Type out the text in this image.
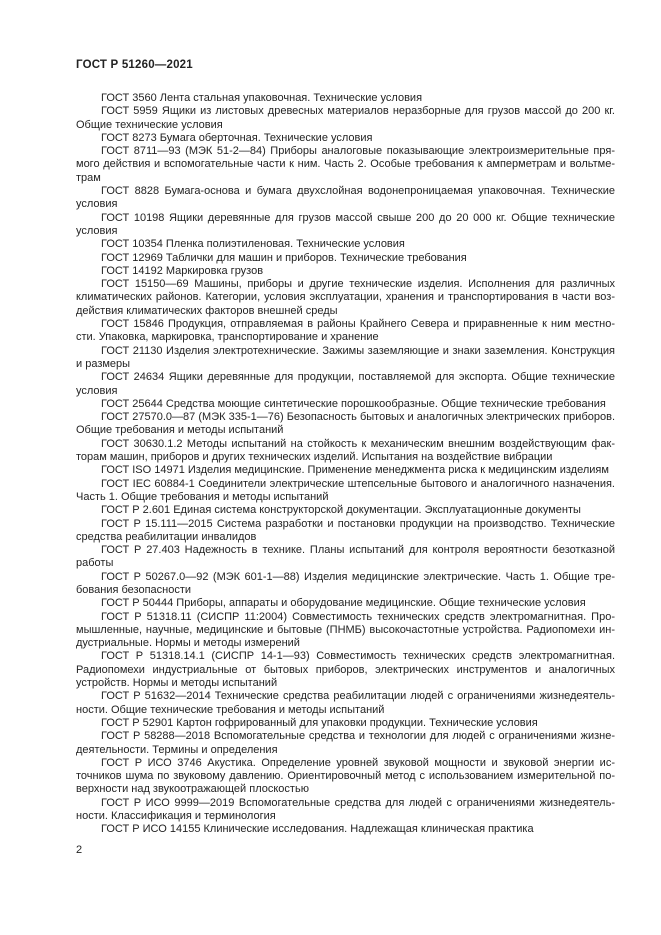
ГОСТ Р 51260—2021

ГОСТ 3560 Лента стальная упаковочная. Технические условия

ГОСТ 5959 Ящики из листовых древесных материалов неразборные для грузов массой до 200 кг. Общие технические условия

ГОСТ 8273 Бумага оберточная. Технические условия

ГОСТ 8711—93 (МЭК 51-2—84) Приборы аналоговые показывающие электроизмерительные прямого действия и вспомогательные части к ним. Часть 2. Особые требования к амперметрам и вольтметрам

ГОСТ 8828 Бумага-основа и бумага двухслойная водонепроницаемая упаковочная. Технические условия

ГОСТ 10198 Ящики деревянные для грузов массой свыше 200 до 20 000 кг. Общие технические условия

ГОСТ 10354 Пленка полиэтиленовая. Технические условия

ГОСТ 12969 Таблички для машин и приборов. Технические требования

ГОСТ 14192 Маркировка грузов

ГОСТ 15150—69 Машины, приборы и другие технические изделия. Исполнения для различных климатических районов. Категории, условия эксплуатации, хранения и транспортирования в части воздействия климатических факторов внешней среды

ГОСТ 15846 Продукция, отправляемая в районы Крайнего Севера и приравненные к ним местности. Упаковка, маркировка, транспортирование и хранение

ГОСТ 21130 Изделия электротехнические. Зажимы заземляющие и знаки заземления. Конструкция и размеры

ГОСТ 24634 Ящики деревянные для продукции, поставляемой для экспорта. Общие технические условия

ГОСТ 25644 Средства моющие синтетические порошкообразные. Общие технические требования

ГОСТ 27570.0—87 (МЭК 335-1—76) Безопасность бытовых и аналогичных электрических приборов. Общие требования и методы испытаний

ГОСТ 30630.1.2 Методы испытаний на стойкость к механическим внешним воздействующим факторам машин, приборов и других технических изделий. Испытания на воздействие вибрации

ГОСТ ISO 14971 Изделия медицинские. Применение менеджмента риска к медицинским изделиям

ГОСТ IEC 60884-1 Соединители электрические штепсельные бытового и аналогичного назначения. Часть 1. Общие требования и методы испытаний

ГОСТ Р 2.601 Единая система конструкторской документации. Эксплуатационные документы

ГОСТ Р 15.111—2015 Система разработки и постановки продукции на производство. Технические средства реабилитации инвалидов

ГОСТ Р 27.403 Надежность в технике. Планы испытаний для контроля вероятности безотказной работы

ГОСТ Р 50267.0—92 (МЭК 601-1—88) Изделия медицинские электрические. Часть 1. Общие требования безопасности

ГОСТ Р 50444 Приборы, аппараты и оборудование медицинские. Общие технические условия

ГОСТ Р 51318.11 (СИСПР 11:2004) Совместимость технических средств электромагнитная. Промышленные, научные, медицинские и бытовые (ПНМБ) высокочастотные устройства. Радиопомехи индустриальные. Нормы и методы измерений

ГОСТ Р 51318.14.1 (СИСПР 14-1—93) Совместимость технических средств электромагнитная. Радиопомехи индустриальные от бытовых приборов, электрических инструментов и аналогичных устройств. Нормы и методы испытаний

ГОСТ Р 51632—2014 Технические средства реабилитации людей с ограничениями жизнедеятельности. Общие технические требования и методы испытаний

ГОСТ Р 52901 Картон гофрированный для упаковки продукции. Технические условия

ГОСТ Р 58288—2018 Вспомогательные средства и технологии для людей с ограничениями жизнедеятельности. Термины и определения

ГОСТ Р ИСО 3746 Акустика. Определение уровней звуковой мощности и звуковой энергии источников шума по звуковому давлению. Ориентировочный метод с использованием измерительной поверхности над звукоотражающей плоскостью

ГОСТ Р ИСО 9999—2019 Вспомогательные средства для людей с ограничениями жизнедеятельности. Классификация и терминология

ГОСТ Р ИСО 14155 Клинические исследования. Надлежащая клиническая практика

2
